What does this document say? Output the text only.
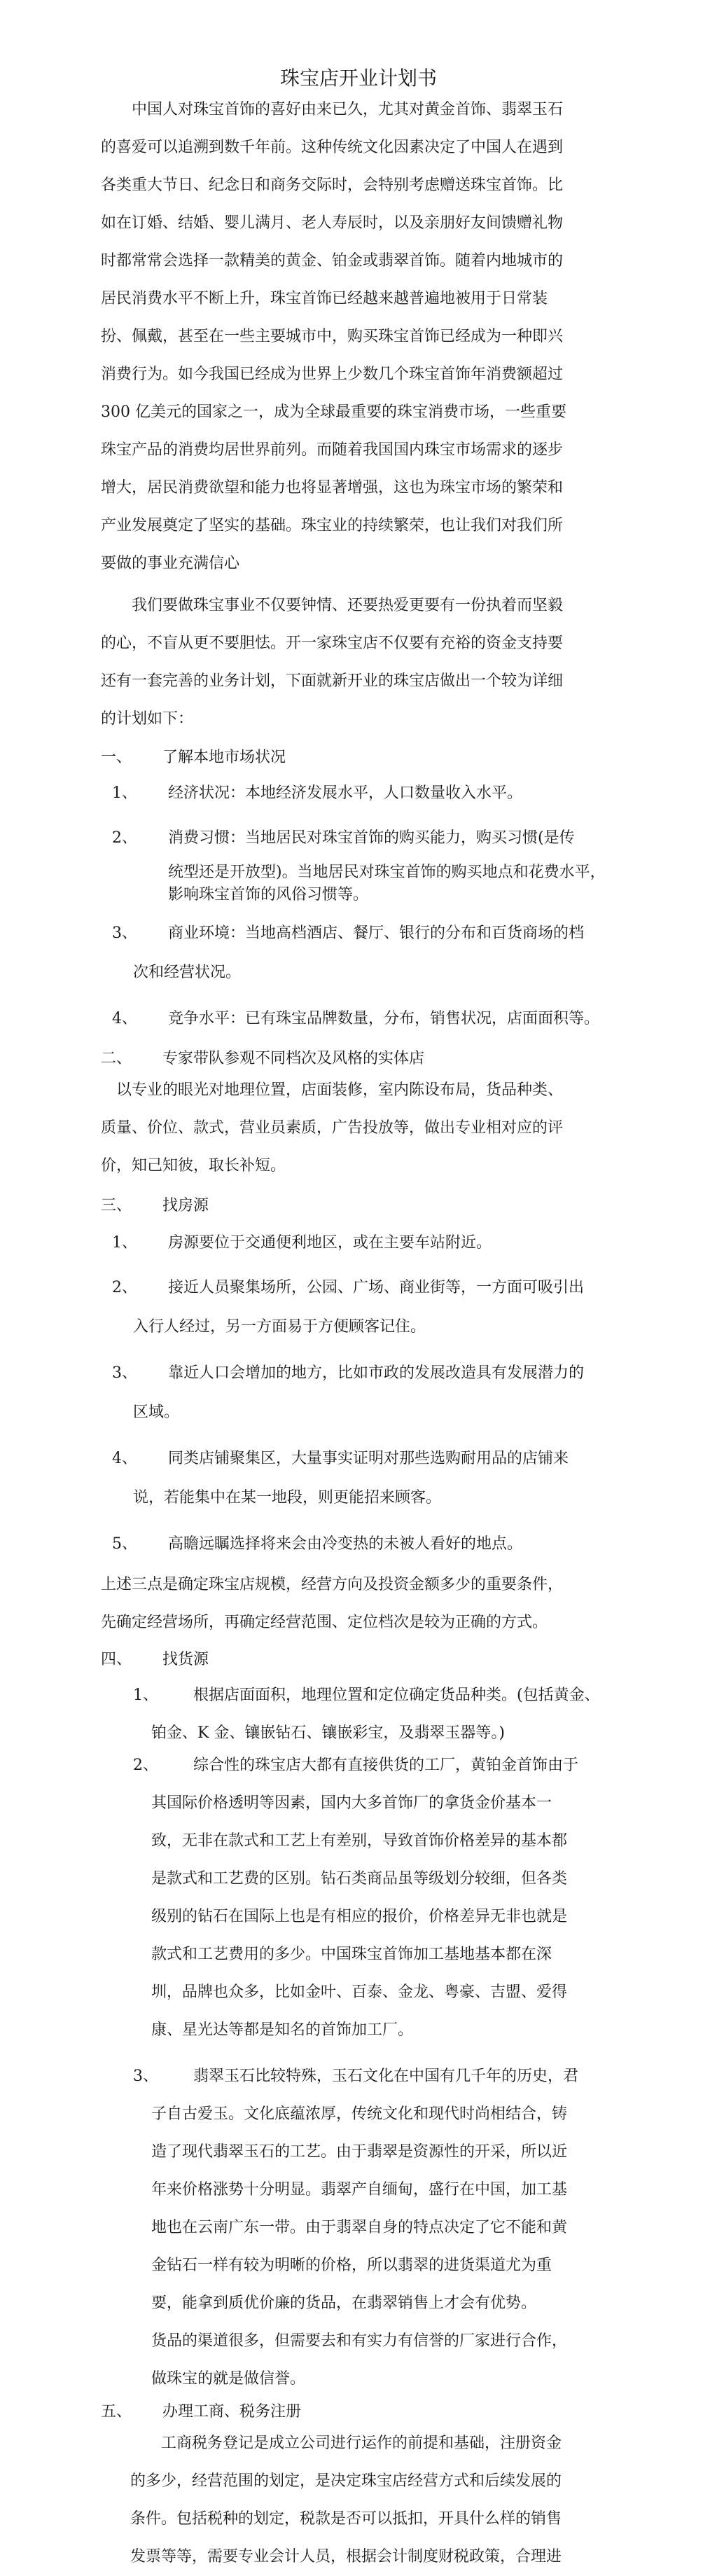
珠宝店开业计划书

中国人对珠宝首饰的喜好由来已久，尤其对黄金首饰、翡翠玉石

的喜爱可以追溯到数千年前。这种传统文化因素决定了中国人在遇到

各类重大节日、纪念日和商务交际时，会特别考虑赠送珠宝首饰。比

如在订婚、结婚、婴儿满月、老人寿辰时，以及亲朋好友间馈赠礼物

时都常常会选择一款精美的黄金、铂金或翡翠首饰。随着内地城市的

居民消费水平不断上升，珠宝首饰已经越来越普遍地被用于日常装

扮、佩戴，甚至在一些主要城市中，购买珠宝首饰已经成为一种即兴

消费行为。如今我国已经成为世界上少数几个珠宝首饰年消费额超过

300 亿美元的国家之一，成为全球最重要的珠宝消费市场，一些重要

珠宝产品的消费均居世界前列。而随着我国国内珠宝市场需求的逐步

增大，居民消费欲望和能力也将显著增强，这也为珠宝市场的繁荣和

产业发展奠定了坚实的基础。珠宝业的持续繁荣，也让我们对我们所

要做的事业充满信心

我们要做珠宝事业不仅要钟情、还要热爱更要有一份执着而坚毅

的心，不盲从更不要胆怯。开一家珠宝店不仅要有充裕的资金支持要

还有一套完善的业务计划，下面就新开业的珠宝店做出一个较为详细

的计划如下：

一、 了解本地市场状况
1、	经济状况：本地经济发展水平，人口数量收入水平。

2、	消费习惯：当地居民对珠宝首饰的购买能力，购买习惯(是传

统型还是开放型)。当地居民对珠宝首饰的购买地点和花费水平，

影响珠宝首饰的风俗习惯等。

3、	商业环境：当地高档酒店、餐厅、银行的分布和百货商场的档

次和经营状况。

4、	竞争水平：已有珠宝品牌数量，分布，销售状况，店面面积等。

二、 专家带队参观不同档次及风格的实体店

以专业的眼光对地理位置，店面装修，室内陈设布局，货品种类、

质量、价位、款式，营业员素质，广告投放等，做出专业相对应的评

价，知己知彼，取长补短。

三、 找房源
1、	房源要位于交通便利地区，或在主要车站附近。

2、	接近人员聚集场所，公园、广场、商业街等，一方面可吸引出

入行人经过，另一方面易于方便顾客记住。

3、	靠近人口会增加的地方，比如市政的发展改造具有发展潜力的

区域。

4、	同类店铺聚集区，大量事实证明对那些选购耐用品的店铺来

说，若能集中在某一地段，则更能招来顾客。

5、	高瞻远瞩选择将来会由冷变热的未被人看好的地点。

上述三点是确定珠宝店规模，经营方向及投资金额多少的重要条件，

先确定经营场所，再确定经营范围、定位档次是较为正确的方式。

四、 找货源
1、	根据店面面积，地理位置和定位确定货品种类。(包括黄金、

铂金、K 金、镶嵌钻石、镶嵌彩宝，及翡翠玉器等。)

2、	综合性的珠宝店大都有直接供货的工厂，黄铂金首饰由于

其国际价格透明等因素，国内大多首饰厂的拿货金价基本一

致，无非在款式和工艺上有差别，导致首饰价格差异的基本都

是款式和工艺费的区别。钻石类商品虽等级划分较细，但各类

级别的钻石在国际上也是有相应的报价，价格差异无非也就是

款式和工艺费用的多少。中国珠宝首饰加工基地基本都在深

圳，品牌也众多，比如金叶、百泰、金龙、粤豪、吉盟、爱得

康、星光达等都是知名的首饰加工厂。

3、	翡翠玉石比较特殊，玉石文化在中国有几千年的历史，君

子自古爱玉。文化底蕴浓厚，传统文化和现代时尚相结合，铸

造了现代翡翠玉石的工艺。由于翡翠是资源性的开采，所以近

年来价格涨势十分明显。翡翠产自缅甸，盛行在中国，加工基

地也在云南广东一带。由于翡翠自身的特点决定了它不能和黄

金钻石一样有较为明晰的价格，所以翡翠的进货渠道尤为重

要，能拿到质优价廉的货品，在翡翠销售上才会有优势。

货品的渠道很多，但需要去和有实力有信誉的厂家进行合作，

做珠宝的就是做信誉。

五、 办理工商、税务注册

工商税务登记是成立公司进行运作的前提和基础，注册资金

的多少，经营范围的划定，是决定珠宝店经营方式和后续发展的

条件。包括税种的划定，税款是否可以抵扣，开具什么样的销售

发票等等，需要专业会计人员，根据会计制度财税政策，合理进
